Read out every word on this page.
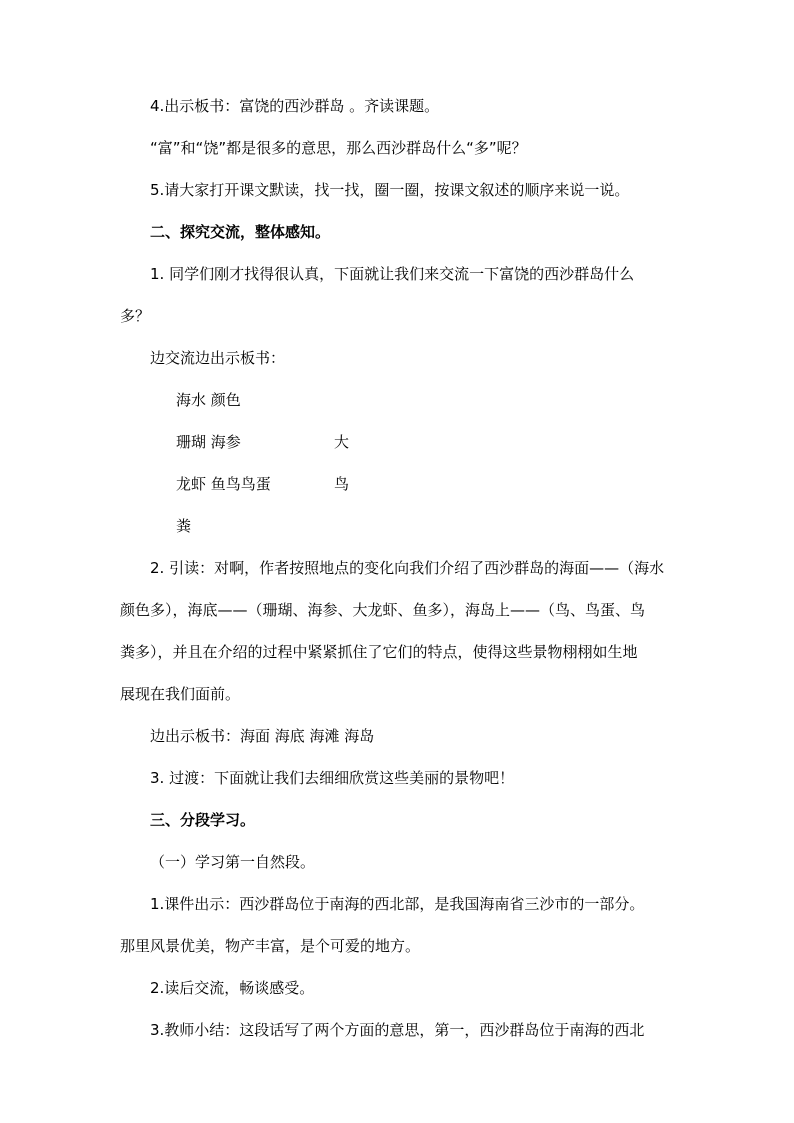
4.出示板书：富饶的西沙群岛 。齐读课题。
“富”和“饶”都是很多的意思，那么西沙群岛什么“多”呢？
5.请大家打开课文默读，找一找，圈一圈，按课文叙述的顺序来说一说。
二、探究交流，整体感知。
1. 同学们刚才找得很认真，下面就让我们来交流一下富饶的西沙群岛什么
多？
边交流边出示板书：
海水 颜色
珊瑚 海参	大
龙虾 鱼鸟鸟蛋	鸟
粪
2. 引读：对啊，作者按照地点的变化向我们介绍了西沙群岛的海面——（海水
颜色多），海底——（珊瑚、海参、大龙虾、鱼多），海岛上——（鸟、鸟蛋、鸟
粪多），并且在介绍的过程中紧紧抓住了它们的特点，使得这些景物栩栩如生地
展现在我们面前。
边出示板书：海面 海底 海滩 海岛
3. 过渡：下面就让我们去细细欣赏这些美丽的景物吧！
三、分段学习。
（一）学习第一自然段。
1.课件出示：西沙群岛位于南海的西北部，是我国海南省三沙市的一部分。
那里风景优美，物产丰富，是个可爱的地方。
2.读后交流，畅谈感受。
3.教师小结：这段话写了两个方面的意思，第一，西沙群岛位于南海的西北
